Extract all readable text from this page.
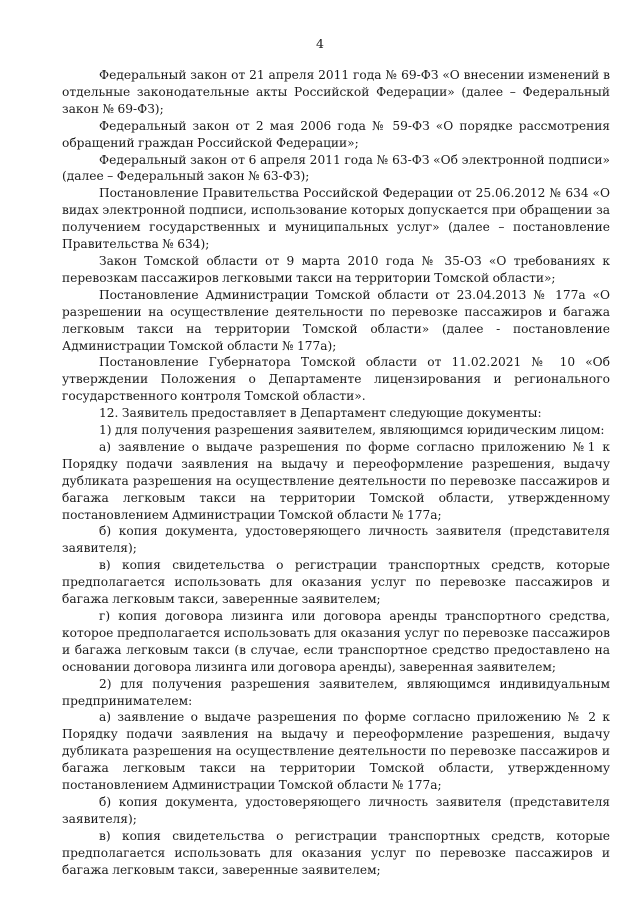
4

Федеральный закон от 21 апреля 2011 года № 69-ФЗ «О внесении изменений в отдельные законодательные акты Российской Федерации» (далее – Федеральный закон № 69-ФЗ);

Федеральный закон от 2 мая 2006 года № 59-ФЗ «О порядке рассмотрения обращений граждан Российской Федерации»;

Федеральный закон от 6 апреля 2011 года № 63-ФЗ «Об электронной подписи» (далее – Федеральный закон № 63-ФЗ);

Постановление Правительства Российской Федерации от 25.06.2012 № 634 «О видах электронной подписи, использование которых допускается при обращении за получением государственных и муниципальных услуг» (далее – постановление Правительства № 634);

Закон Томской области от 9 марта 2010 года № 35-ОЗ «О требованиях к перевозкам пассажиров легковыми такси на территории Томской области»;

Постановление Администрации Томской области от 23.04.2013 № 177а «О разрешении на осуществление деятельности по перевозке пассажиров и багажа легковым такси на территории Томской области» (далее - постановление Администрации Томской области № 177а);

Постановление Губернатора Томской области от 11.02.2021 № 10 «Об утверждении Положения о Департаменте лицензирования и регионального государственного контроля Томской области».

12. Заявитель предоставляет в Департамент следующие документы:

1) для получения разрешения заявителем, являющимся юридическим лицом:

а) заявление о выдаче разрешения по форме согласно приложению №1 к Порядку подачи заявления на выдачу и переоформление разрешения, выдачу дубликата разрешения на осуществление деятельности по перевозке пассажиров и багажа легковым такси на территории Томской области, утвержденному постановлением Администрации Томской области № 177а;

б) копия документа, удостоверяющего личность заявителя (представителя заявителя);

в) копия свидетельства о регистрации транспортных средств, которые предполагается использовать для оказания услуг по перевозке пассажиров и багажа легковым такси, заверенные заявителем;

г) копия договора лизинга или договора аренды транспортного средства, которое предполагается использовать для оказания услуг по перевозке пассажиров и багажа легковым такси (в случае, если транспортное средство предоставлено на основании договора лизинга или договора аренды), заверенная заявителем;

2) для получения разрешения заявителем, являющимся индивидуальным предпринимателем:

а) заявление о выдаче разрешения по форме согласно приложению № 2 к Порядку подачи заявления на выдачу и переоформление разрешения, выдачу дубликата разрешения на осуществление деятельности по перевозке пассажиров и багажа легковым такси на территории Томской области, утвержденному постановлением Администрации Томской области № 177а;

б) копия документа, удостоверяющего личность заявителя (представителя заявителя);

в) копия свидетельства о регистрации транспортных средств, которые предполагается использовать для оказания услуг по перевозке пассажиров и багажа легковым такси, заверенные заявителем;
